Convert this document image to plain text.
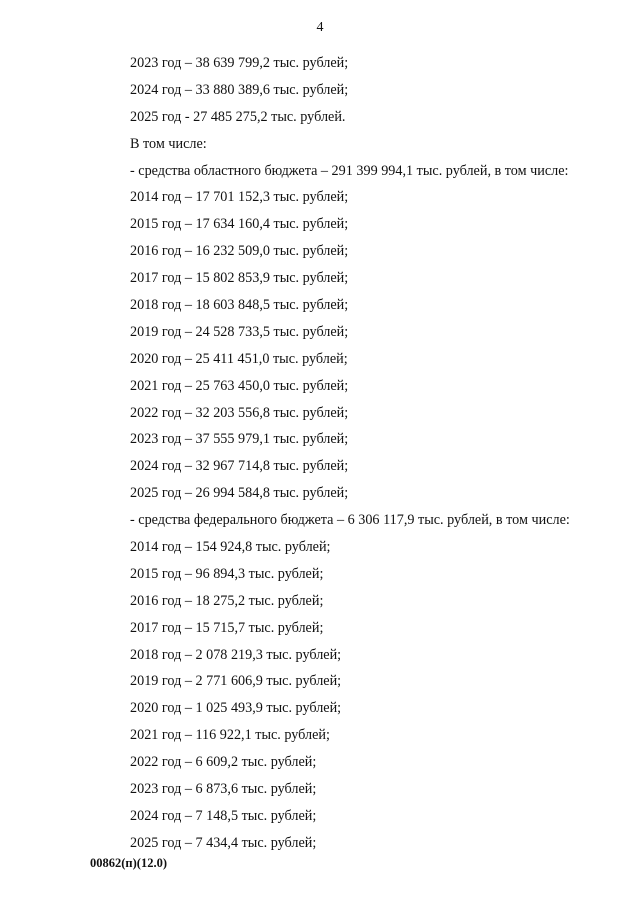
4
2023 год – 38 639 799,2 тыс. рублей;
2024 год – 33 880 389,6 тыс. рублей;
2025 год - 27 485 275,2 тыс. рублей.
В том числе:
- средства областного бюджета – 291 399 994,1 тыс. рублей, в том числе:
2014 год – 17 701 152,3 тыс. рублей;
2015 год – 17 634 160,4 тыс. рублей;
2016 год – 16 232 509,0 тыс. рублей;
2017 год – 15 802 853,9 тыс. рублей;
2018 год – 18 603 848,5 тыс. рублей;
2019 год – 24 528 733,5 тыс. рублей;
2020 год – 25 411 451,0 тыс. рублей;
2021 год – 25 763 450,0 тыс. рублей;
2022 год – 32 203 556,8 тыс. рублей;
2023 год – 37 555 979,1 тыс. рублей;
2024 год – 32 967 714,8 тыс. рублей;
2025 год – 26 994 584,8 тыс. рублей;
- средства федерального бюджета – 6 306 117,9 тыс. рублей, в том числе:
2014 год – 154 924,8 тыс. рублей;
2015 год – 96 894,3 тыс. рублей;
2016 год – 18 275,2 тыс. рублей;
2017 год – 15 715,7 тыс. рублей;
2018 год – 2 078 219,3 тыс. рублей;
2019 год – 2 771 606,9 тыс. рублей;
2020 год – 1 025 493,9 тыс. рублей;
2021 год – 116 922,1 тыс. рублей;
2022 год – 6 609,2 тыс. рублей;
2023 год – 6 873,6 тыс. рублей;
2024 год – 7 148,5 тыс. рублей;
2025 год – 7 434,4 тыс. рублей;
00862(п)(12.0)
